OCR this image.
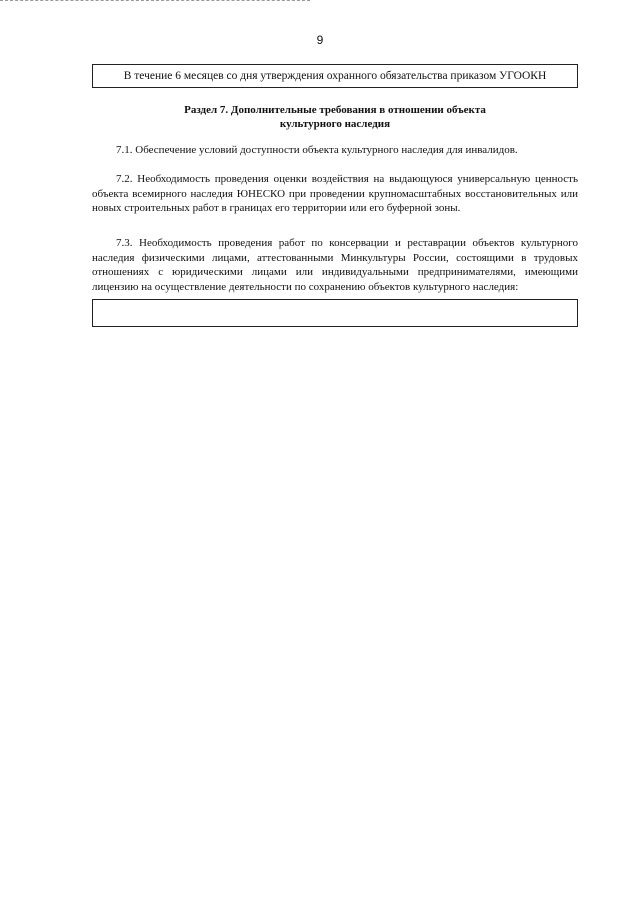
9
В течение 6 месяцев со дня утверждения охранного обязательства приказом УГООКН
Раздел 7. Дополнительные требования в отношении объекта
культурного наследия

7.1. Обеспечение условий доступности объекта культурного наследия для инвалидов.

7.2. Необходимость проведения оценки воздействия на выдающуюся универсальную ценность объекта всемирного наследия ЮНЕСКО при проведении крупномасштабных восстановительных или новых строительных работ в границах его территории или его буферной зоны.

7.3. Необходимость проведения работ по консервации и реставрации объектов культурного наследия физическими лицами, аттестованными Минкультуры России, состоящими в трудовых отношениях с юридическими лицами или индивидуальными предпринимателями, имеющими лицензию на осуществление деятельности по сохранению объектов культурного наследия:
